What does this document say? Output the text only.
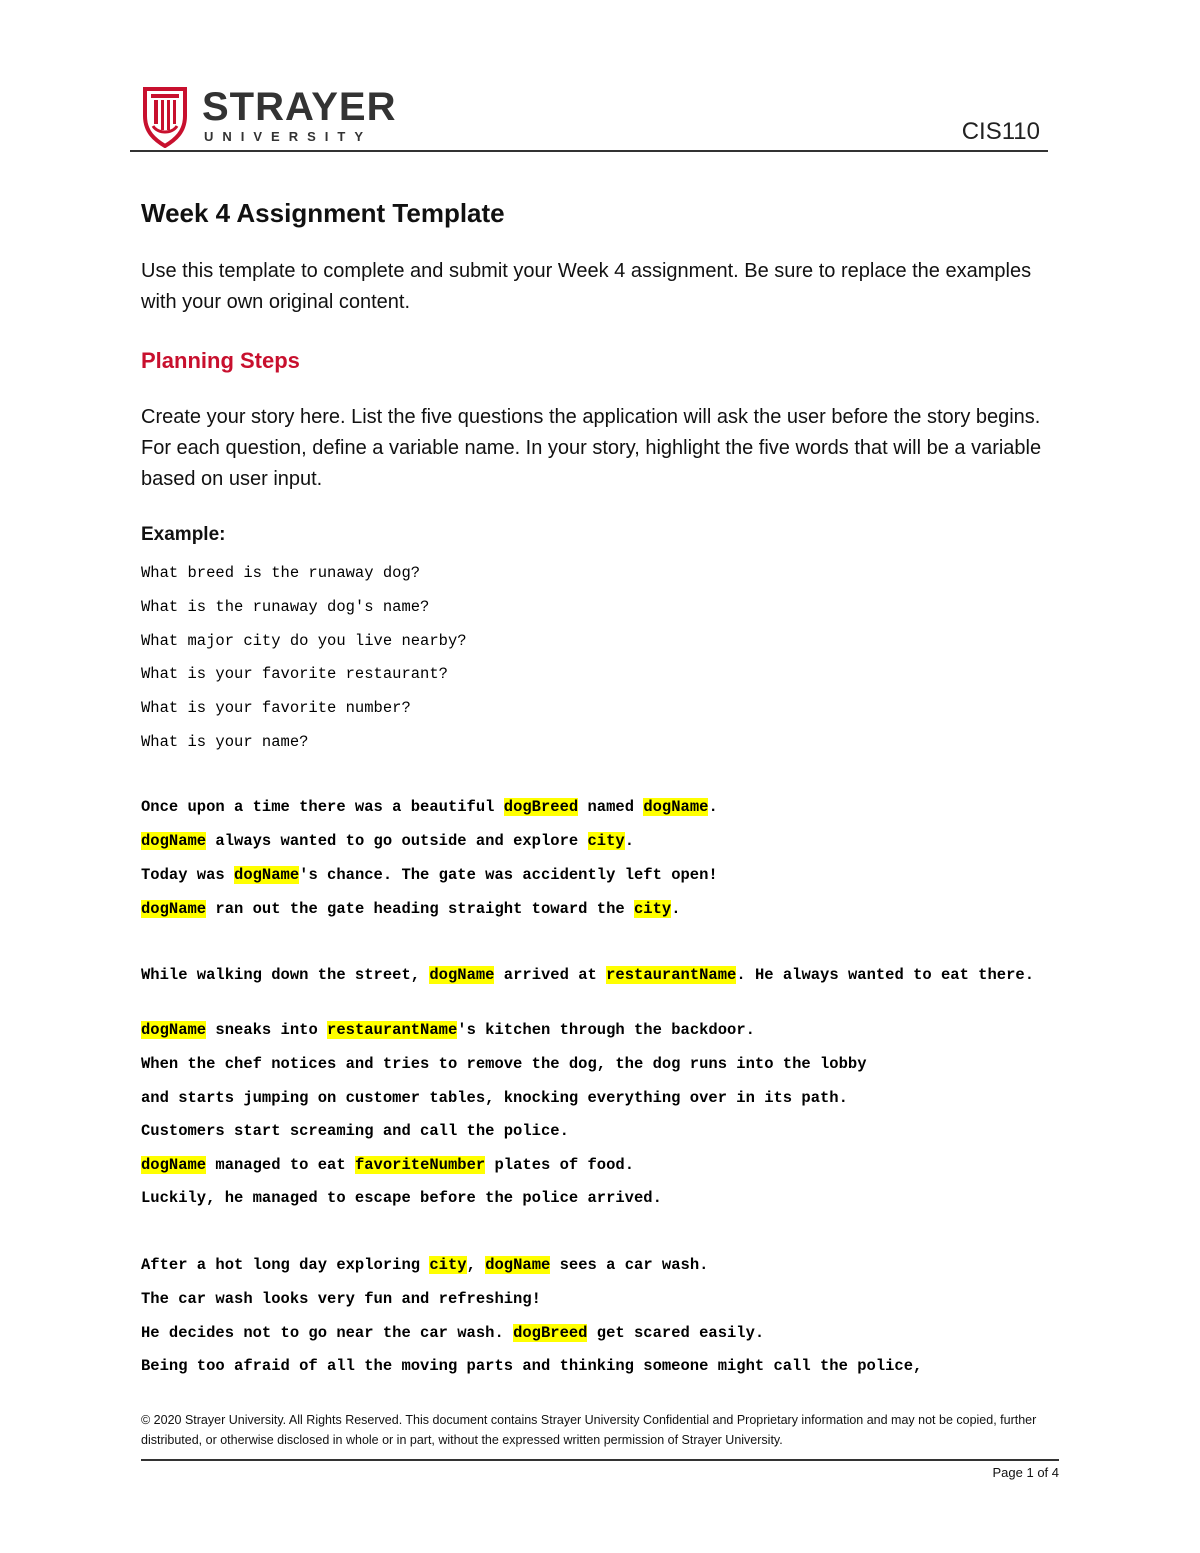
STRAYER
UNIVERSITY	CIS110
Week 4 Assignment Template
Use this template to complete and submit your Week 4 assignment. Be sure to replace the examples with your own original content.
Planning Steps
Create your story here. List the five questions the application will ask the user before the story begins. For each question, define a variable name. In your story, highlight the five words that will be a variable based on user input.
Example:
What breed is the runaway dog?
What is the runaway dog's name?
What major city do you live nearby?
What is your favorite restaurant?
What is your favorite number?
What is your name?
Once upon a time there was a beautiful dogBreed named dogName.
dogName always wanted to go outside and explore city.
Today was dogName's chance. The gate was accidently left open!
dogName ran out the gate heading straight toward the city.
While walking down the street, dogName arrived at restaurantName. He always wanted to eat there.
dogName sneaks into restaurantName's kitchen through the backdoor.
When the chef notices and tries to remove the dog, the dog runs into the lobby
and starts jumping on customer tables, knocking everything over in its path.
Customers start screaming and call the police.
dogName managed to eat favoriteNumber plates of food.
Luckily, he managed to escape before the police arrived.
After a hot long day exploring city, dogName sees a car wash.
The car wash looks very fun and refreshing!
He decides not to go near the car wash. dogBreed get scared easily.
Being too afraid of all the moving parts and thinking someone might call the police,
© 2020 Strayer University. All Rights Reserved. This document contains Strayer University Confidential and Proprietary information and may not be copied, further distributed, or otherwise disclosed in whole or in part, without the expressed written permission of Strayer University.
Page 1 of 4
